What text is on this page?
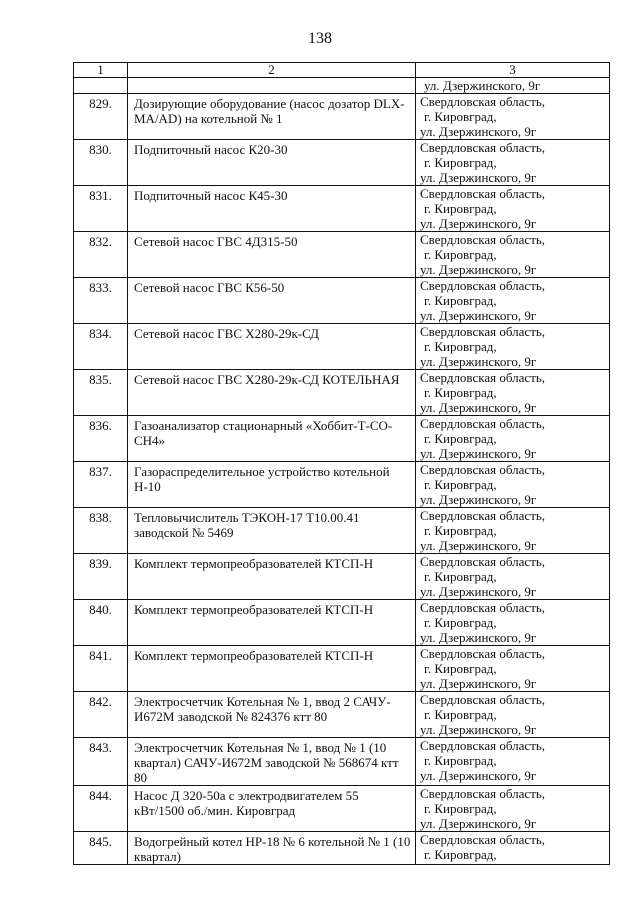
138
1	2	3

		ул. Дзержинского, 9г

829.	Дозирующие оборудование (насос дозатор DLX-MA/AD) на котельной № 1	Свердловская область,
г. Кировград,
ул. Дзержинского, 9г

830.	Подпиточный насос К20-30	Свердловская область,
г. Кировград,
ул. Дзержинского, 9г

831.	Подпиточный насос К45-30	Свердловская область,
г. Кировград,
ул. Дзержинского, 9г

832.	Сетевой насос ГВС 4Д315-50	Свердловская область,
г. Кировград,
ул. Дзержинского, 9г

833.	Сетевой насос ГВС К56-50	Свердловская область,
г. Кировград,
ул. Дзержинского, 9г

834.	Сетевой насос ГВС Х280-29к-СД	Свердловская область,
г. Кировград,
ул. Дзержинского, 9г

835.	Сетевой насос ГВС Х280-29к-СД КОТЕЛЬНАЯ	Свердловская область,
г. Кировград,
ул. Дзержинского, 9г

836.	Газоанализатор стационарный «Хоббит-Т-СО-СН4»	Свердловская область,
г. Кировград,
ул. Дзержинского, 9г

837.	Газораспределительное устройство котельной Н-10	Свердловская область,
г. Кировград,
ул. Дзержинского, 9г

838.	Тепловычислитель ТЭКОН-17 Т10.00.41 заводской № 5469	Свердловская область,
г. Кировград,
ул. Дзержинского, 9г

839.	Комплект термопреобразователей КТСП-Н	Свердловская область,
г. Кировград,
ул. Дзержинского, 9г

840.	Комплект термопреобразователей КТСП-Н	Свердловская область,
г. Кировград,
ул. Дзержинского, 9г

841.	Комплект термопреобразователей КТСП-Н	Свердловская область,
г. Кировград,
ул. Дзержинского, 9г

842.	Электросчетчик Котельная № 1, ввод 2 САЧУ-И672М заводской № 824376 ктт 80	Свердловская область,
г. Кировград,
ул. Дзержинского, 9г

843.	Электросчетчик Котельная № 1, ввод № 1 (10 квартал) САЧУ-И672М заводской № 568674 ктт 80	Свердловская область,
г. Кировград,
ул. Дзержинского, 9г

844.	Насос Д 320-50а с электродвигателем 55 кВт/1500 об./мин. Кировград	Свердловская область,
г. Кировград,
ул. Дзержинского, 9г

845.	Водогрейный котел НР-18 № 6 котельной № 1 (10 квартал)	Свердловская область,
г. Кировград,
